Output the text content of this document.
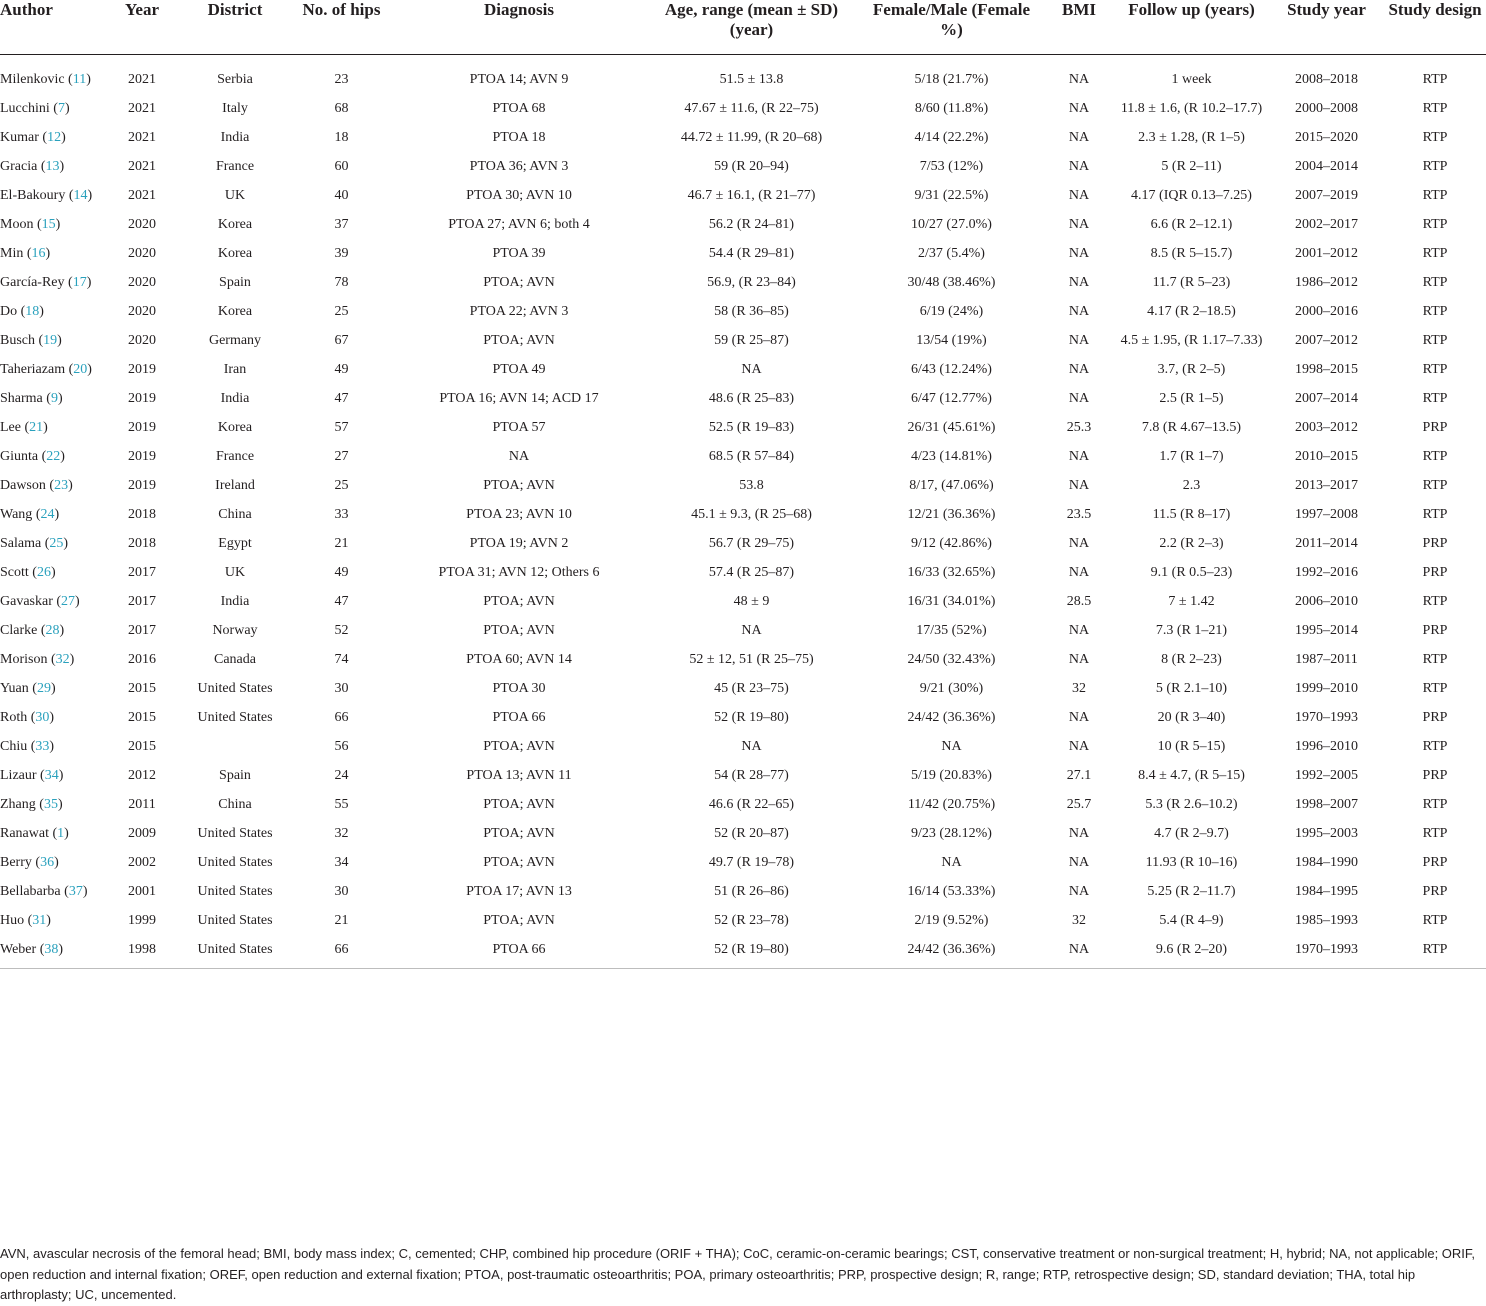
Author	Year	District	No. of hips	Diagnosis	Age, range (mean ± SD) (year)	Female/Male (Female %)	BMI	Follow up (years)	Study year	Study design
Milenkovic (11)	2021	Serbia	23	PTOA 14; AVN 9	51.5 ± 13.8	5/18 (21.7%)	NA	1 week	2008–2018	RTP
Lucchini (7)	2021	Italy	68	PTOA 68	47.67 ± 11.6, (R 22–75)	8/60 (11.8%)	NA	11.8 ± 1.6, (R 10.2–17.7)	2000–2008	RTP
Kumar (12)	2021	India	18	PTOA 18	44.72 ± 11.99, (R 20–68)	4/14 (22.2%)	NA	2.3 ± 1.28, (R 1–5)	2015–2020	RTP
Gracia (13)	2021	France	60	PTOA 36; AVN 3	59 (R 20–94)	7/53 (12%)	NA	5 (R 2–11)	2004–2014	RTP
El-Bakoury (14)	2021	UK	40	PTOA 30; AVN 10	46.7 ± 16.1, (R 21–77)	9/31 (22.5%)	NA	4.17 (IQR 0.13–7.25)	2007–2019	RTP
Moon (15)	2020	Korea	37	PTOA 27; AVN 6; both 4	56.2 (R 24–81)	10/27 (27.0%)	NA	6.6 (R 2–12.1)	2002–2017	RTP
Min (16)	2020	Korea	39	PTOA 39	54.4 (R 29–81)	2/37 (5.4%)	NA	8.5 (R 5–15.7)	2001–2012	RTP
García-Rey (17)	2020	Spain	78	PTOA; AVN	56.9, (R 23–84)	30/48 (38.46%)	NA	11.7 (R 5–23)	1986–2012	RTP
Do (18)	2020	Korea	25	PTOA 22; AVN 3	58 (R 36–85)	6/19 (24%)	NA	4.17 (R 2–18.5)	2000–2016	RTP
Busch (19)	2020	Germany	67	PTOA; AVN	59 (R 25–87)	13/54 (19%)	NA	4.5 ± 1.95, (R 1.17–7.33)	2007–2012	RTP
Taheriazam (20)	2019	Iran	49	PTOA 49	NA	6/43 (12.24%)	NA	3.7, (R 2–5)	1998–2015	RTP
Sharma (9)	2019	India	47	PTOA 16; AVN 14; ACD 17	48.6 (R 25–83)	6/47 (12.77%)	NA	2.5 (R 1–5)	2007–2014	RTP
Lee (21)	2019	Korea	57	PTOA 57	52.5 (R 19–83)	26/31 (45.61%)	25.3	7.8 (R 4.67–13.5)	2003–2012	PRP
Giunta (22)	2019	France	27	NA	68.5 (R 57–84)	4/23 (14.81%)	NA	1.7 (R 1–7)	2010–2015	RTP
Dawson (23)	2019	Ireland	25	PTOA; AVN	53.8	8/17, (47.06%)	NA	2.3	2013–2017	RTP
Wang (24)	2018	China	33	PTOA 23; AVN 10	45.1 ± 9.3, (R 25–68)	12/21 (36.36%)	23.5	11.5 (R 8–17)	1997–2008	RTP
Salama (25)	2018	Egypt	21	PTOA 19; AVN 2	56.7 (R 29–75)	9/12 (42.86%)	NA	2.2 (R 2–3)	2011–2014	PRP
Scott (26)	2017	UK	49	PTOA 31; AVN 12; Others 6	57.4 (R 25–87)	16/33 (32.65%)	NA	9.1 (R 0.5–23)	1992–2016	PRP
Gavaskar (27)	2017	India	47	PTOA; AVN	48 ± 9	16/31 (34.01%)	28.5	7 ± 1.42	2006–2010	RTP
Clarke (28)	2017	Norway	52	PTOA; AVN	NA	17/35 (52%)	NA	7.3 (R 1–21)	1995–2014	PRP
Morison (32)	2016	Canada	74	PTOA 60; AVN 14	52 ± 12, 51 (R 25–75)	24/50 (32.43%)	NA	8 (R 2–23)	1987–2011	RTP
Yuan (29)	2015	United States	30	PTOA 30	45 (R 23–75)	9/21 (30%)	32	5 (R 2.1–10)	1999–2010	RTP
Roth (30)	2015	United States	66	PTOA 66	52 (R 19–80)	24/42 (36.36%)	NA	20 (R 3–40)	1970–1993	PRP
Chiu (33)	2015		56	PTOA; AVN	NA	NA	NA	10 (R 5–15)	1996–2010	RTP
Lizaur (34)	2012	Spain	24	PTOA 13; AVN 11	54 (R 28–77)	5/19 (20.83%)	27.1	8.4 ± 4.7, (R 5–15)	1992–2005	PRP
Zhang (35)	2011	China	55	PTOA; AVN	46.6 (R 22–65)	11/42 (20.75%)	25.7	5.3 (R 2.6–10.2)	1998–2007	RTP
Ranawat (1)	2009	United States	32	PTOA; AVN	52 (R 20–87)	9/23 (28.12%)	NA	4.7 (R 2–9.7)	1995–2003	RTP
Berry (36)	2002	United States	34	PTOA; AVN	49.7 (R 19–78)	NA	NA	11.93 (R 10–16)	1984–1990	PRP
Bellabarba (37)	2001	United States	30	PTOA 17; AVN 13	51 (R 26–86)	16/14 (53.33%)	NA	5.25 (R 2–11.7)	1984–1995	PRP
Huo (31)	1999	United States	21	PTOA; AVN	52 (R 23–78)	2/19 (9.52%)	32	5.4 (R 4–9)	1985–1993	RTP
Weber (38)	1998	United States	66	PTOA 66	52 (R 19–80)	24/42 (36.36%)	NA	9.6 (R 2–20)	1970–1993	RTP
AVN, avascular necrosis of the femoral head; BMI, body mass index; C, cemented; CHP, combined hip procedure (ORIF + THA); CoC, ceramic-on-ceramic bearings; CST, conservative treatment or non-surgical treatment; H, hybrid; NA, not applicable; ORIF, open reduction and internal fixation; OREF, open reduction and external fixation; PTOA, post-traumatic osteoarthritis; POA, primary osteoarthritis; PRP, prospective design; R, range; RTP, retrospective design; SD, standard deviation; THA, total hip arthroplasty; UC, uncemented.
